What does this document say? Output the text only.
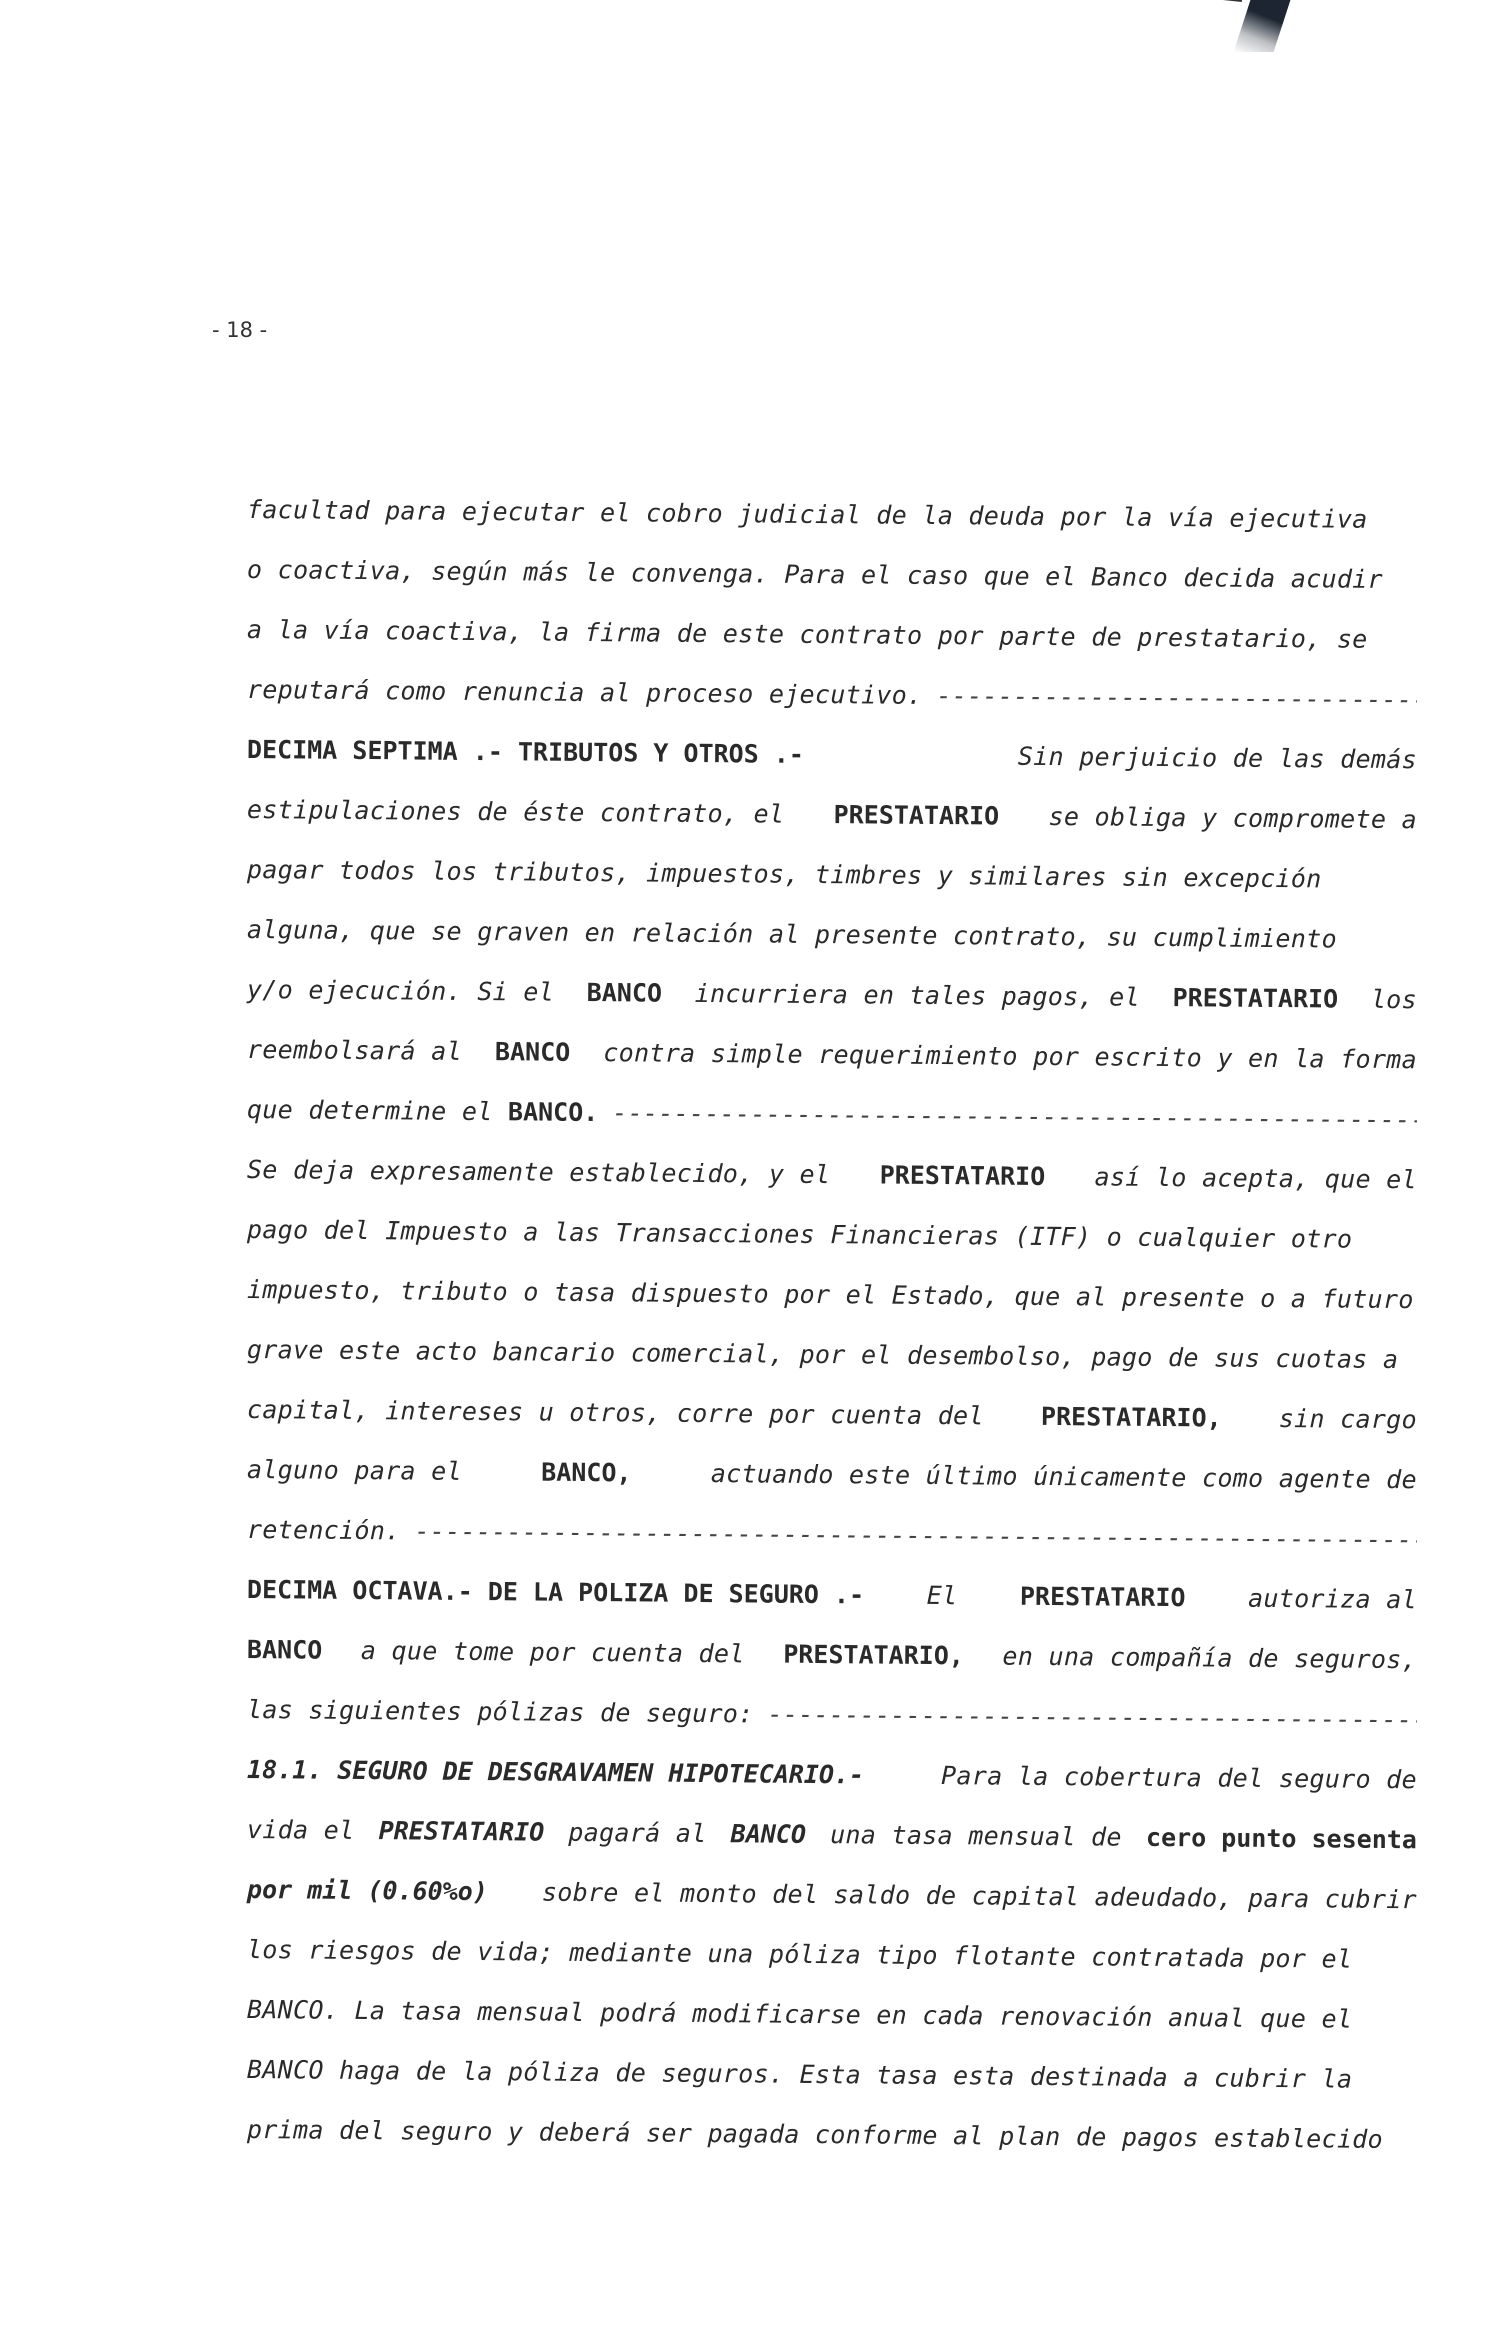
- 18 -
facultad para ejecutar el cobro judicial de la deuda por la vía ejecutiva
o coactiva, según más le convenga. Para el caso que el Banco decida acudir
a la vía coactiva, la firma de este contrato por parte de prestatario, se
reputará como renuncia al proceso ejecutivo.
-----
DECIMA SEPTIMA .- TRIBUTOS Y OTROS .-	Sin perjuicio de las demás
estipulaciones de éste contrato, el PRESTATARIO se obliga y compromete a
pagar todos los tributos, impuestos, timbres y similares sin excepción
alguna, que se graven en relación al presente contrato, su cumplimiento
y/o ejecución. Si el BANCO incurriera en tales pagos, el PRESTATARIO los
reembolsará al BANCO contra simple requerimiento por escrito y en la forma
que determine el
BANCO.
-----
Se deja expresamente establecido, y el PRESTATARIO así lo acepta, que el
pago del Impuesto a las Transacciones Financieras (ITF) o cualquier otro
impuesto, tributo o tasa dispuesto por el Estado, que al presente o a futuro
grave este acto bancario comercial, por el desembolso, pago de sus cuotas a
capital, intereses u otros, corre por cuenta del PRESTATARIO, sin cargo
alguno para el	BANCO,	actuando este último únicamente como agente de
retención.
-----
DECIMA OCTAVA.- DE LA POLIZA DE SEGURO .- El PRESTATARIO autoriza al
BANCO a que tome por cuenta del PRESTATARIO, en una compañía de seguros,
las siguientes pólizas de seguro:
-----
18.1. SEGURO DE DESGRAVAMEN HIPOTECARIO.-	Para la cobertura del seguro de
vida el PRESTATARIO pagará al BANCO una tasa mensual de cero punto sesenta
por mil (0.60%o) sobre el monto del saldo de capital adeudado, para cubrir
los riesgos de vida; mediante una póliza tipo flotante contratada por el
BANCO. La tasa mensual podrá modificarse en cada renovación anual que el
BANCO haga de la póliza de seguros. Esta tasa esta destinada a cubrir la
prima del seguro y deberá ser pagada conforme al plan de pagos establecido
